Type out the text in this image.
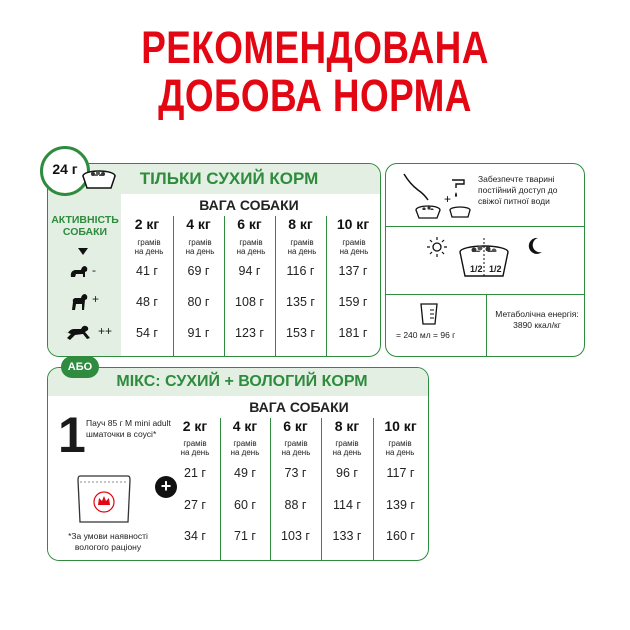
РЕКОМЕНДОВАНА
ДОБОВА НОРМА
ТІЛЬКИ СУХИЙ КОРМ
ВАГА СОБАКИ
АКТИВНІСТЬ СОБАКИ
-
+
++
2 кг	4 кг	6 кг	8 кг	10 кг
грамів на день
грамів на день
грамів на день
грамів на день
грамів на день
41 г	69 г	94 г	116 г	137 г
48 г	80 г	108 г	135 г	159 г
54 г	91 г	123 г	153 г	181 г
24 г
+
Забезпечте тварині постійний доступ до свіжої питної води
1/2 1/2
= 240 мл = 96 г
Метаболічна енергія: 3890 ккал/кг
МІКС: СУХИЙ + ВОЛОГИЙ КОРМ
ВАГА СОБАКИ
1 Пауч 85 г M mini adult шматочки в соусі*
*За умови наявності вологого раціону
2 кг	4 кг	6 кг	8 кг	10 кг
грамів на день
грамів на день
грамів на день
грамів на день
грамів на день
21 г	49 г	73 г	96 г	117 г
27 г	60 г	88 г	114 г	139 г
34 г	71 г	103 г	133 г	160 г
+
АБО
